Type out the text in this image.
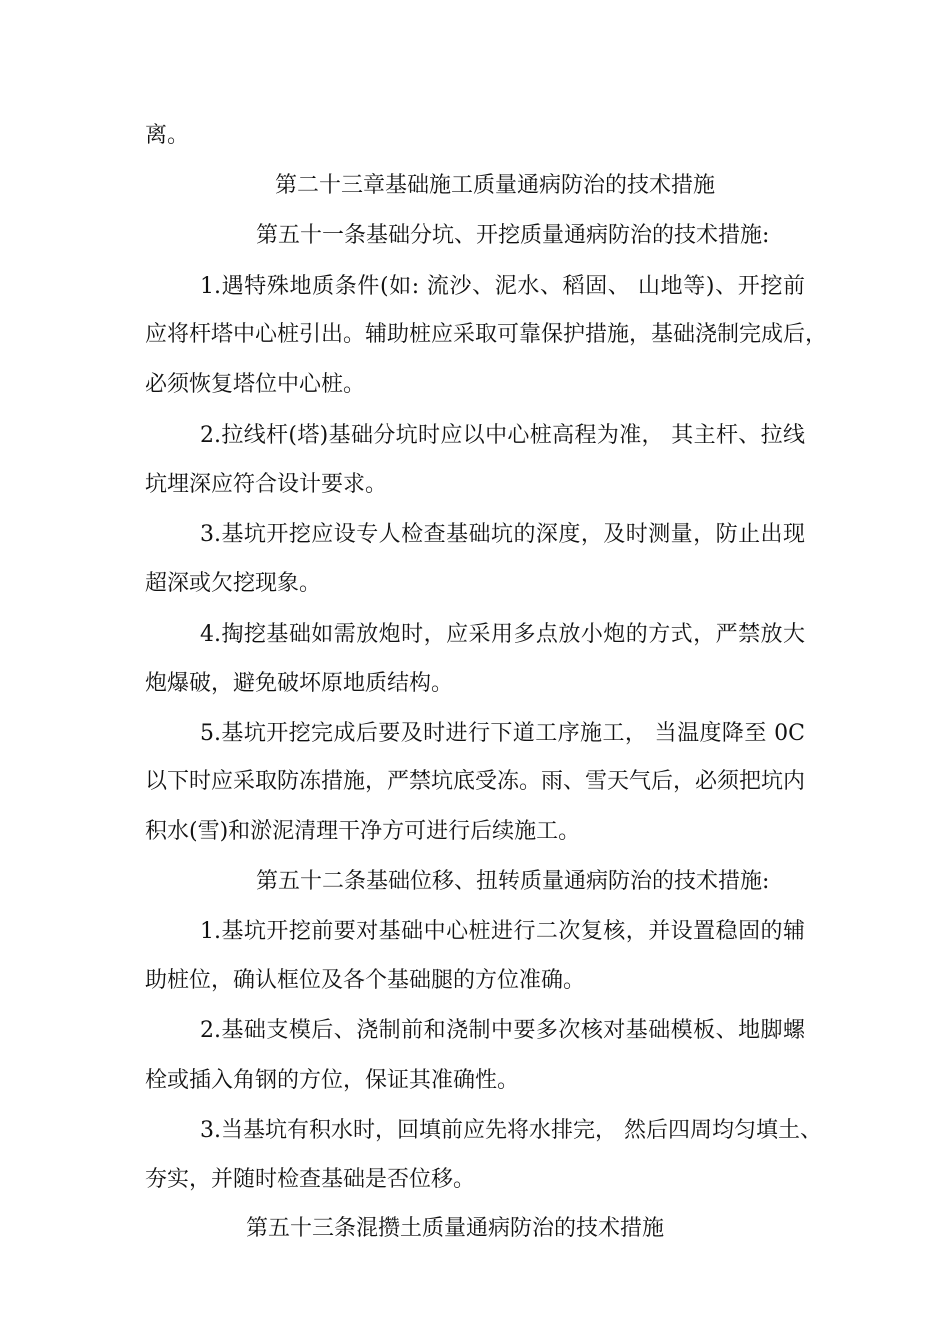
离。
第二十三章基础施工质量通病防治的技术措施
第五十一条基础分坑、开挖质量通病防治的技术措施:
1.遇特殊地质条件(如: 流沙、泥水、稻固、 山地等)、开挖前
应将杆塔中心桩引出。辅助桩应采取可靠保护措施，基础浇制完成后，
必须恢复塔位中心桩。
2.拉线杆(塔)基础分坑时应以中心桩高程为准， 其主杆、拉线
坑埋深应符合设计要求。
3.基坑开挖应设专人检查基础坑的深度，及时测量，防止出现
超深或欠挖现象。
4.掏挖基础如需放炮时，应采用多点放小炮的方式，严禁放大
炮爆破，避免破坏原地质结构。
5.基坑开挖完成后要及时进行下道工序施工， 当温度降至 0C
以下时应采取防冻措施，严禁坑底受冻。雨、雪天气后，必须把坑内
积水(雪)和淤泥清理干净方可进行后续施工。
第五十二条基础位移、扭转质量通病防治的技术措施:
1.基坑开挖前要对基础中心桩进行二次复核，并设置稳固的辅
助桩位，确认框位及各个基础腿的方位准确。
2.基础支模后、浇制前和浇制中要多次核对基础模板、地脚螺
栓或插入角钢的方位，保证其准确性。
3.当基坑有积水时，回填前应先将水排完， 然后四周均匀填土、
夯实，并随时检查基础是否位移。
第五十三条混攒土质量通病防治的技术措施
